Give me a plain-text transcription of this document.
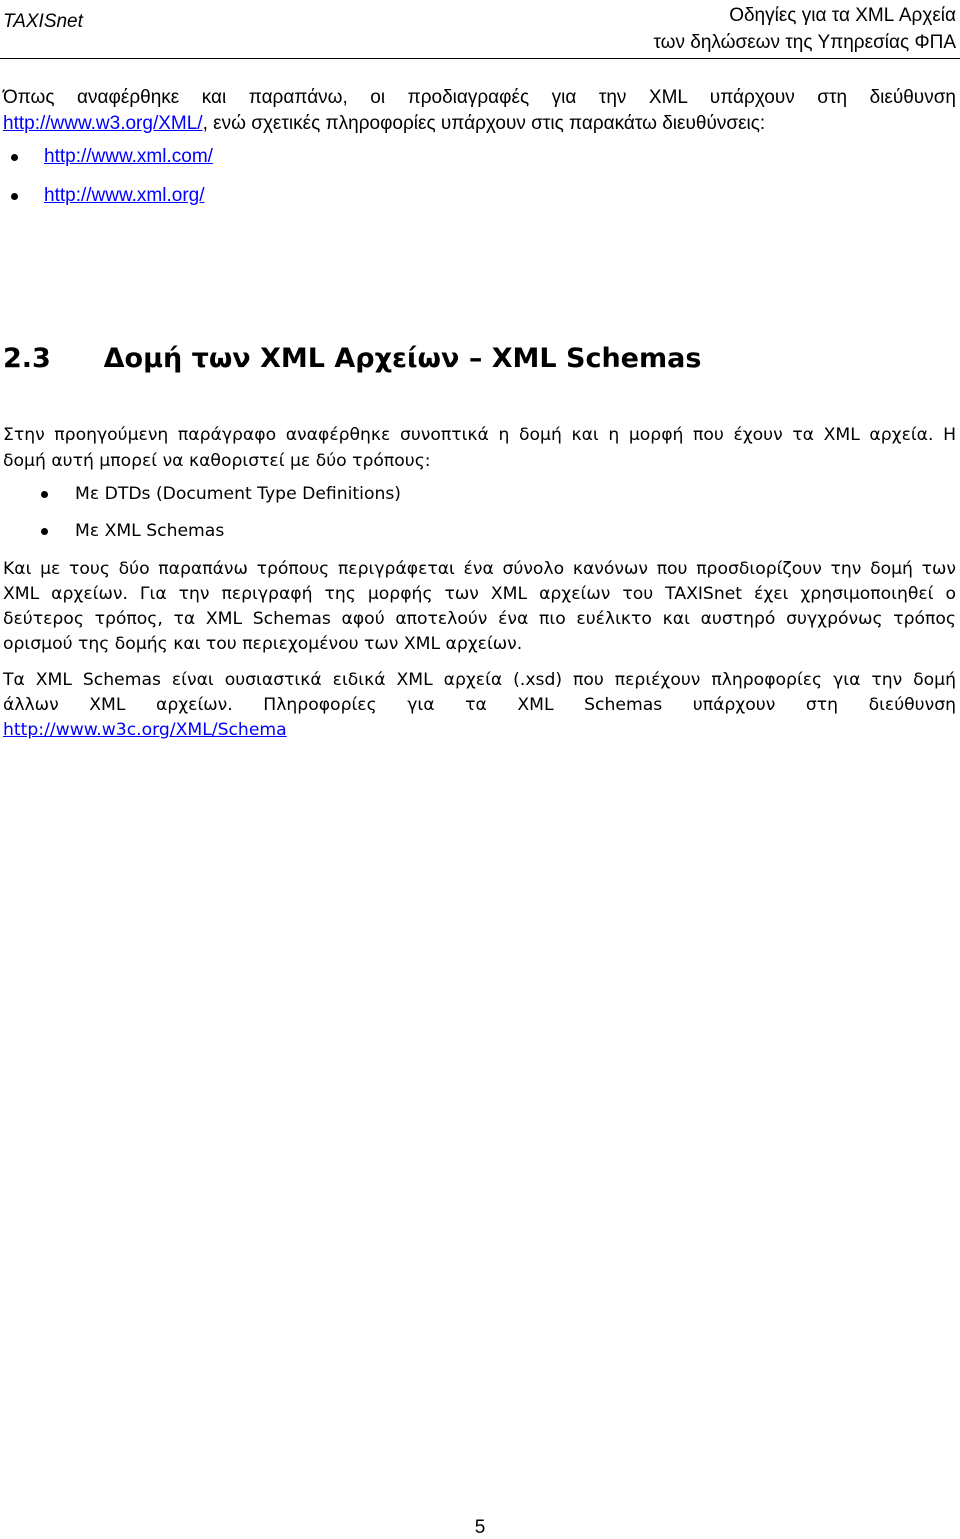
TAXISnet	Οδηγίες για τα XML Αρχεία
των δηλώσεων της Υπηρεσίας ΦΠΑ
Όπως αναφέρθηκε και παραπάνω, οι προδιαγραφές για την XML υπάρχουν στη διεύθυνση
http://www.w3.org/XML/, ενώ σχετικές πληροφορίες υπάρχουν στις παρακάτω διευθύνσεις:
http://www.xml.com/
http://www.xml.org/
2.3 Δομή των XML Αρχείων – XML Schemas
Στην προηγούμενη παράγραφο αναφέρθηκε συνοπτικά η δομή και η μορφή που έχουν τα XML αρχεία. Η
δομή αυτή μπορεί να καθοριστεί με δύο τρόπους:
Με DTDs (Document Type Definitions)
Με XML Schemas
Και με τους δύο παραπάνω τρόπους περιγράφεται ένα σύνολο κανόνων που προσδιορίζουν την δομή των
XML αρχείων. Για την περιγραφή της μορφής των XML αρχείων του TAXISnet έχει χρησιμοποιηθεί ο
δεύτερος τρόπος, τα XML Schemas αφού αποτελούν ένα πιο ευέλικτο και αυστηρό συγχρόνως τρόπος
ορισμού της δομής και του περιεχομένου των XML αρχείων.
Τα XML Schemas είναι ουσιαστικά ειδικά XML αρχεία (.xsd) που περιέχουν πληροφορίες για την δομή
άλλων XML αρχείων. Πληροφορίες για τα XML Schemas υπάρχουν στη διεύθυνση
http://www.w3c.org/XML/Schema
5
